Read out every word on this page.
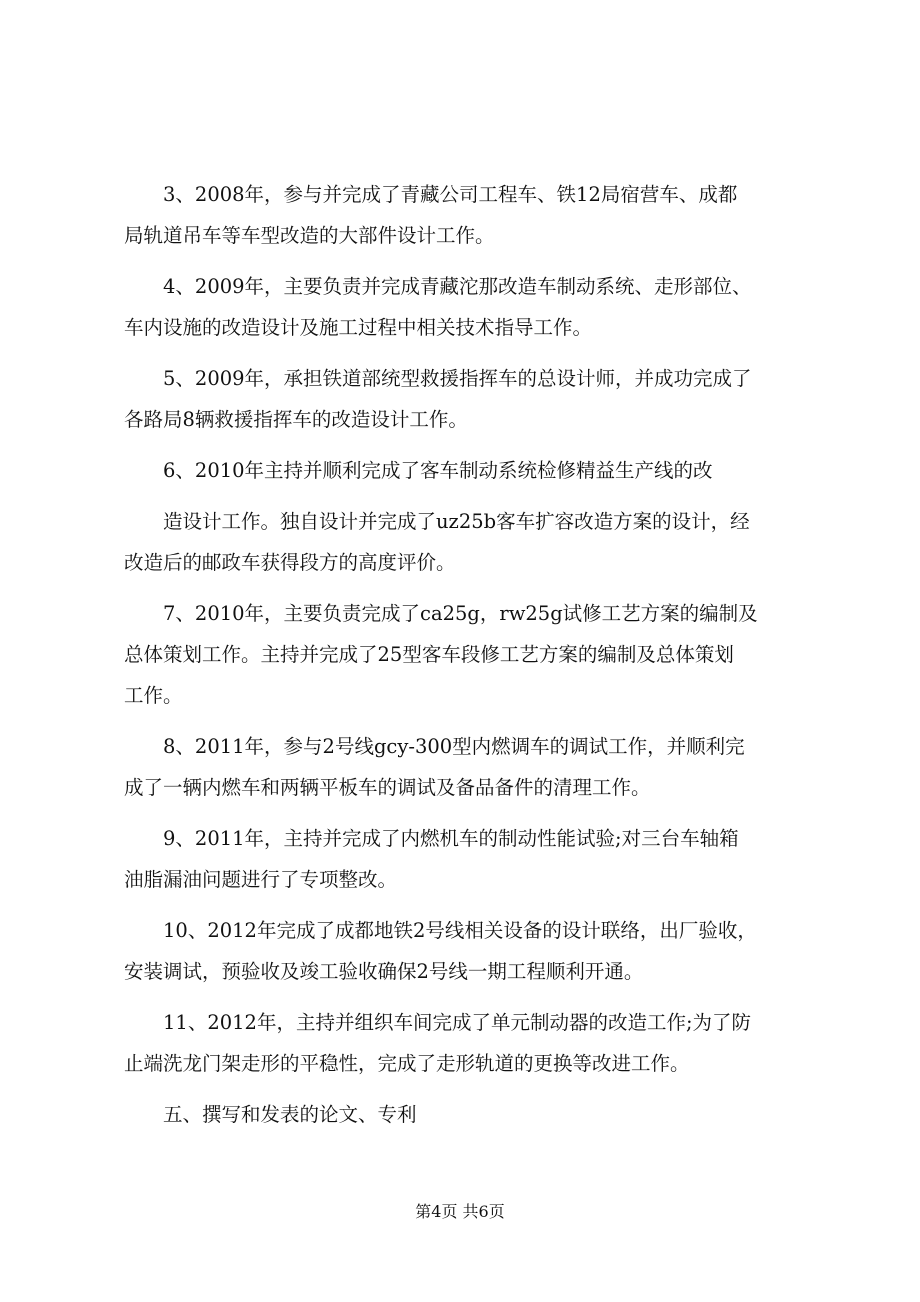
3、2008年，参与并完成了青藏公司工程车、铁12局宿营车、成都
局轨道吊车等车型改造的大部件设计工作。

4、2009年，主要负责并完成青藏沱那改造车制动系统、走形部位、
车内设施的改造设计及施工过程中相关技术指导工作。

5、2009年，承担铁道部统型救援指挥车的总设计师，并成功完成了
各路局8辆救援指挥车的改造设计工作。

6、2010年主持并顺利完成了客车制动系统检修精益生产线的改

造设计工作。独自设计并完成了uz25b客车扩容改造方案的设计，经
改造后的邮政车获得段方的高度评价。

7、2010年，主要负责完成了ca25g，rw25g试修工艺方案的编制及
总体策划工作。主持并完成了25型客车段修工艺方案的编制及总体策划
工作。

8、2011年，参与2号线gcy-300型内燃调车的调试工作，并顺利完
成了一辆内燃车和两辆平板车的调试及备品备件的清理工作。

9、2011年，主持并完成了内燃机车的制动性能试验;对三台车轴箱
油脂漏油问题进行了专项整改。

10、2012年完成了成都地铁2号线相关设备的设计联络，出厂验收，
安装调试，预验收及竣工验收确保2号线一期工程顺利开通。

11、2012年，主持并组织车间完成了单元制动器的改造工作;为了防
止端洗龙门架走形的平稳性，完成了走形轨道的更换等改进工作。

五、撰写和发表的论文、专利

第4页 共6页
